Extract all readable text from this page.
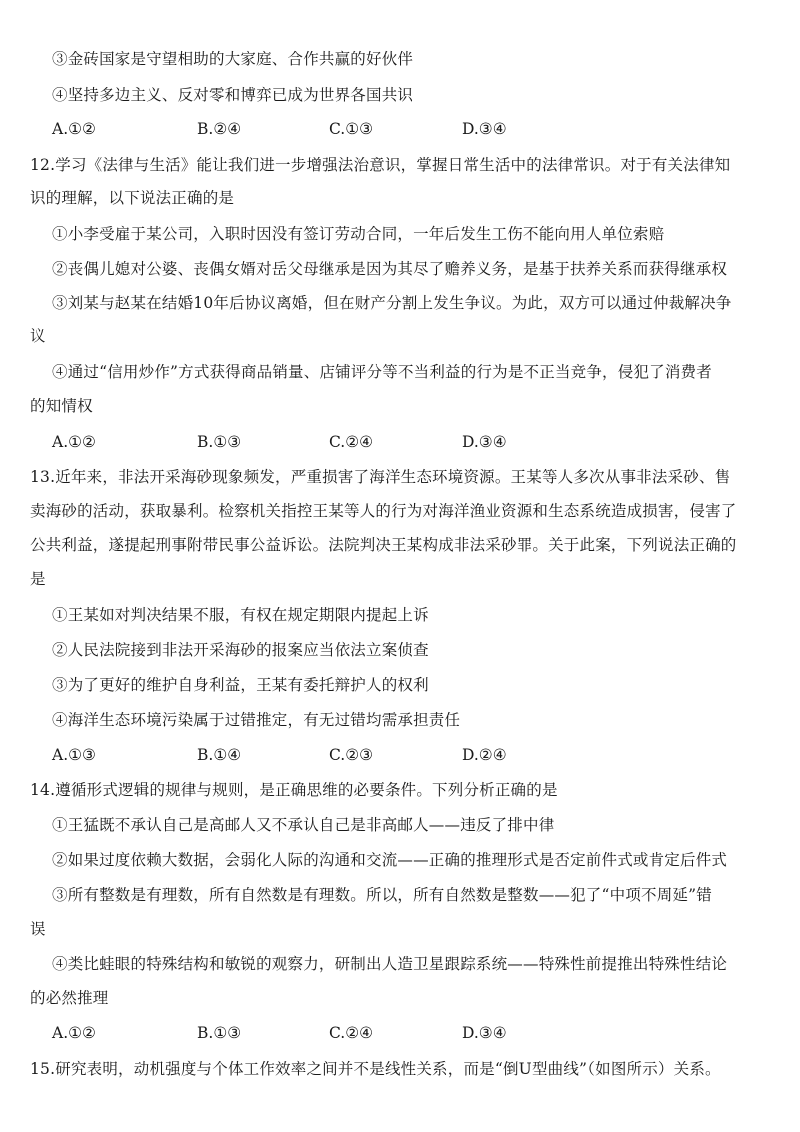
③金砖国家是守望相助的大家庭、合作共赢的好伙伴
④坚持多边主义、反对零和博弈已成为世界各国共识
A.①②	B.②④	C.①③	D.③④
12.学习《法律与生活》能让我们进一步增强法治意识，掌握日常生活中的法律常识。对于有关法律知
识的理解，以下说法正确的是
①小李受雇于某公司，入职时因没有签订劳动合同，一年后发生工伤不能向用人单位索赔
②丧偶儿媳对公婆、丧偶女婿对岳父母继承是因为其尽了赡养义务，是基于扶养关系而获得继承权
③刘某与赵某在结婚10年后协议离婚，但在财产分割上发生争议。为此，双方可以通过仲裁解决争
议
④通过“信用炒作”方式获得商品销量、店铺评分等不当利益的行为是不正当竞争，侵犯了消费者
的知情权
A.①②	B.①③	C.②④	D.③④
13.近年来，非法开采海砂现象频发，严重损害了海洋生态环境资源。王某等人多次从事非法采砂、售
卖海砂的活动，获取暴利。检察机关指控王某等人的行为对海洋渔业资源和生态系统造成损害，侵害了
公共利益，遂提起刑事附带民事公益诉讼。法院判决王某构成非法采砂罪。关于此案，下列说法正确的
是
①王某如对判决结果不服，有权在规定期限内提起上诉
②人民法院接到非法开采海砂的报案应当依法立案侦查
③为了更好的维护自身利益，王某有委托辩护人的权利
④海洋生态环境污染属于过错推定，有无过错均需承担责任
A.①③	B.①④	C.②③	D.②④
14.遵循形式逻辑的规律与规则，是正确思维的必要条件。下列分析正确的是
①王猛既不承认自己是高邮人又不承认自己是非高邮人——违反了排中律
②如果过度依赖大数据，会弱化人际的沟通和交流——正确的推理形式是否定前件式或肯定后件式
③所有整数是有理数，所有自然数是有理数。所以，所有自然数是整数——犯了“中项不周延”错
误
④类比蛙眼的特殊结构和敏锐的观察力，研制出人造卫星跟踪系统——特殊性前提推出特殊性结论
的必然推理
A.①②	B.①③	C.②④	D.③④
15.研究表明，动机强度与个体工作效率之间并不是线性关系，而是“倒U型曲线”（如图所示）关系。
